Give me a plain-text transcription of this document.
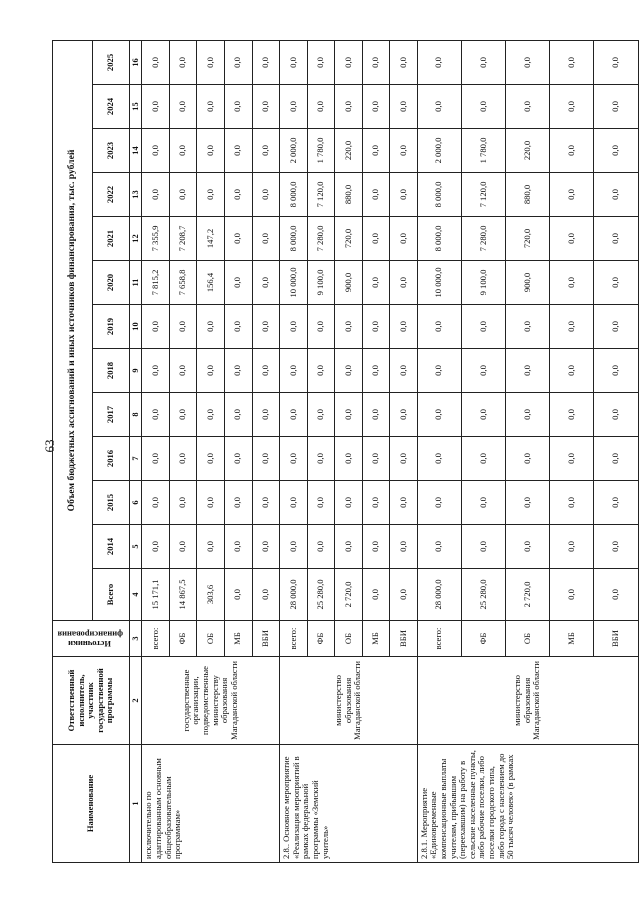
63
Наименование	Ответственный исполнитель, участник государственной программы	Источники финансирования	Объем бюджетных ассигнований и иных источников финансирования, тыс. рублей												
			Всего	2014	2015	2016	2017	2018	2019	2020	2021	2022	2023	2024	2025
1	2	3	4	5	6	7	8	9	10	11	12	13	14	15	16
исключительно по адаптированным основным общеобразовательным программам»	государственные организации, подведомственные министерству образования Магаданской области	всего:	15 171,1	0,0	0,0	0,0	0,0	0,0	0,0	7 815,2	7 355,9	0,0	0,0	0,0	0,0
		ФБ	14 867,5	0,0	0,0	0,0	0,0	0,0	0,0	7 658,8	7 208,7	0,0	0,0	0,0	0,0
		ОБ	303,6	0,0	0,0	0,0	0,0	0,0	0,0	156,4	147,2	0,0	0,0	0,0	0,0
		МБ	0,0	0,0	0,0	0,0	0,0	0,0	0,0	0,0	0,0	0,0	0,0	0,0	0,0
		ВБИ	0,0	0,0	0,0	0,0	0,0	0,0	0,0	0,0	0,0	0,0	0,0	0,0	0,0
2.8.. Основное мероприятие «Реализация мероприятий в рамках федеральной программы «Земский учитель»	министерство образования Магаданской области	всего:	28 000,0	0,0	0,0	0,0	0,0	0,0	0,0	10 000,0	8 000,0	8 000,0	2 000,0	0,0	0,0
		ФБ	25 280,0	0,0	0,0	0,0	0,0	0,0	0,0	9 100,0	7 280,0	7 120,0	1 780,0	0,0	0,0
		ОБ	2 720,0	0,0	0,0	0,0	0,0	0,0	0,0	900,0	720,0	880,0	220,0	0,0	0,0
		МБ	0,0	0,0	0,0	0,0	0,0	0,0	0,0	0,0	0,0	0,0	0,0	0,0	0,0
		ВБИ	0,0	0,0	0,0	0,0	0,0	0,0	0,0	0,0	0,0	0,0	0,0	0,0	0,0
2.8.1. Мероприятие «Единовременные компенсационные выплаты учителям, прибывшим (переехавшим) на работу в сельские населенные пункты, либо рабочие поселки, либо поселки городского типа, либо города с населением до 50 тысяч человек» (в рамках	министерство образования Магаданской области	всего:	28 000,0	0,0	0,0	0,0	0,0	0,0	0,0	10 000,0	8 000,0	8 000,0	2 000,0	0,0	0,0
		ФБ	25 280,0	0,0	0,0	0,0	0,0	0,0	0,0	9 100,0	7 280,0	7 120,0	1 780,0	0,0	0,0
		ОБ	2 720,0	0,0	0,0	0,0	0,0	0,0	0,0	900,0	720,0	880,0	220,0	0,0	0,0
		МБ	0,0	0,0	0,0	0,0	0,0	0,0	0,0	0,0	0,0	0,0	0,0	0,0	0,0
		ВБИ	0,0	0,0	0,0	0,0	0,0	0,0	0,0	0,0	0,0	0,0	0,0	0,0	0,0
